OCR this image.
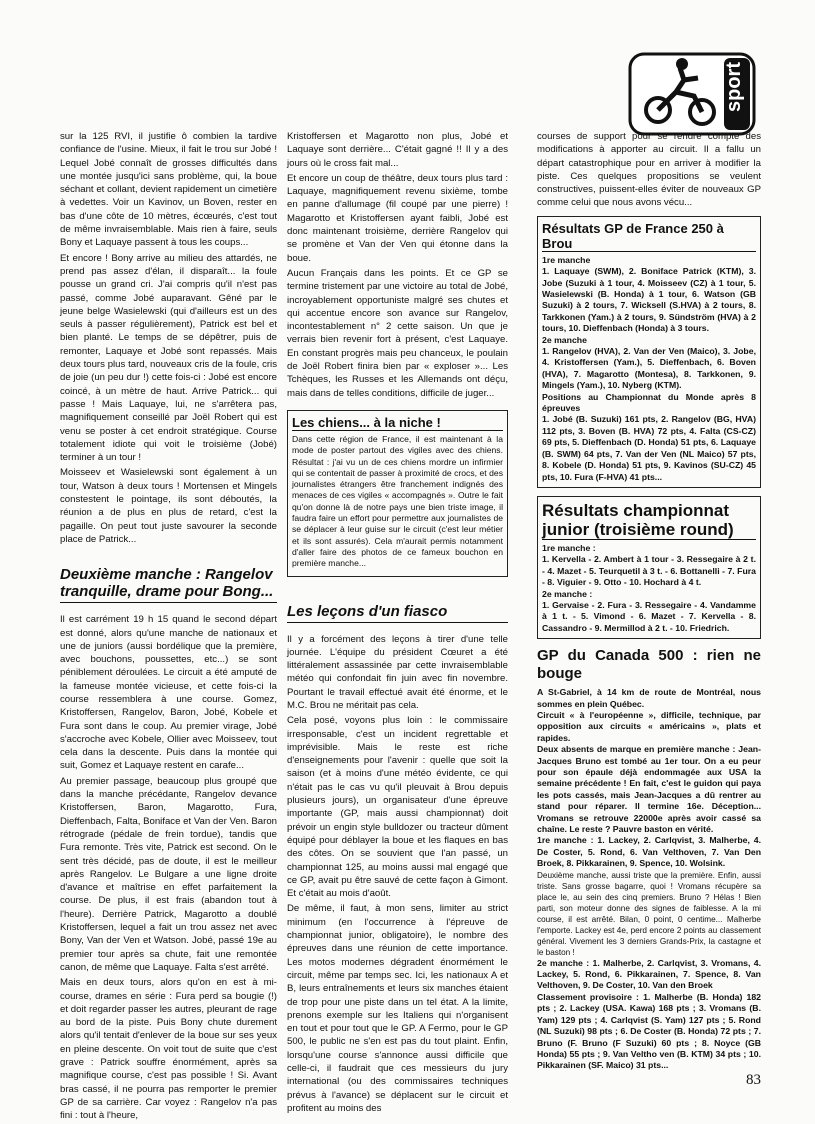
sport

sur la 125 RVI, il justifie ô combien la tardive confiance de l'usine. Mieux, il fait le trou sur Jobé ! Lequel Jobé connaît de grosses difficultés dans une montée jusqu'ici sans problème, qui, la boue séchant et collant, devient rapidement un cimetière à vedettes. Voir un Kavinov, un Boven, rester en bas d'une côte de 10 mètres, écœurés, c'est tout de même invraisemblable. Mais rien à faire, seuls Bony et Laquaye passent à tous les coups...

Et encore ! Bony arrive au milieu des attardés, ne prend pas assez d'élan, il disparaît... la foule pousse un grand cri. J'ai compris qu'il n'est pas passé, comme Jobé auparavant. Gêné par le jeune belge Wasielewski (qui d'ailleurs est un des seuls à passer régulièrement), Patrick est bel et bien planté. Le temps de se dépêtrer, puis de remonter, Laquaye et Jobé sont repassés. Mais deux tours plus tard, nouveaux cris de la foule, cris de joie (un peu dur !) cette fois-ci : Jobé est encore coincé, à un mètre de haut. Arrive Patrick... qui passe ! Mais Laquaye, lui, ne s'arrêtera pas, magnifiquement conseillé par Joël Robert qui est venu se poster à cet endroit stratégique. Course totalement idiote qui voit le troisième (Jobé) terminer à un tour !

Moisseev et Wasielewski sont également à un tour, Watson à deux tours ! Mortensen et Mingels constestent le pointage, ils sont déboutés, la réunion a de plus en plus de retard, c'est la pagaille. On peut tout juste savourer la seconde place de Patrick...

Deuxième manche : Rangelov tranquille, drame pour Bong...

Il est carrément 19 h 15 quand le second départ est donné, alors qu'une manche de nationaux et une de juniors (aussi bordélique que la première, avec bouchons, poussettes, etc...) se sont péniblement déroulées. Le circuit a été amputé de la fameuse montée vicieuse, et cette fois-ci la course ressemblera à une course. Gomez, Kristoffersen, Rangelov, Baron, Jobé, Kobele et Fura sont dans le coup. Au premier virage, Jobé s'accroche avec Kobele, Ollier avec Moisseev, tout cela dans la descente. Puis dans la montée qui suit, Gomez et Laquaye restent en carafe...

Au premier passage, beaucoup plus groupé que dans la manche précédante, Rangelov devance Kristoffersen, Baron, Magarotto, Fura, Dieffenbach, Falta, Boniface et Van der Ven. Baron rétrograde (pédale de frein tordue), tandis que Fura remonte. Très vite, Patrick est second. On le sent très décidé, pas de doute, il est le meilleur après Rangelov. Le Bulgare a une ligne droite d'avance et maîtrise en effet parfaitement la course. De plus, il est frais (abandon tout à l'heure). Derrière Patrick, Magarotto a doublé Kristoffersen, lequel a fait un trou assez net avec Bony, Van der Ven et Watson. Jobé, passé 19e au premier tour après sa chute, fait une remontée canon, de même que Laquaye. Falta s'est arrêté.

Mais en deux tours, alors qu'on en est à mi-course, drames en série : Fura perd sa bougie (!) et doit regarder passer les autres, pleurant de rage au bord de la piste. Puis Bony chute durement alors qu'il tentait d'enlever de la boue sur ses yeux en pleine descente. On voit tout de suite que c'est grave : Patrick souffre énormément, après sa magnifique course, c'est pas possible ! Si. Avant bras cassé, il ne pourra pas remporter le premier GP de sa carrière. Car voyez : Rangelov n'a pas fini : tout à l'heure,

Kristoffersen et Magarotto non plus, Jobé et Laquaye sont derrière... C'était gagné !! Il y a des jours où le cross fait mal...

Et encore un coup de théâtre, deux tours plus tard : Laquaye, magnifiquement revenu sixième, tombe en panne d'allumage (fil coupé par une pierre) ! Magarotto et Kristoffersen ayant faibli, Jobé est donc maintenant troisième, derrière Rangelov qui se promène et Van der Ven qui étonne dans la boue.

Aucun Français dans les points. Et ce GP se termine tristement par une victoire au total de Jobé, incroyablement opportuniste malgré ses chutes et qui accentue encore son avance sur Rangelov, incontestablement n° 2 cette saison. Un que je verrais bien revenir fort à présent, c'est Laquaye. En constant progrès mais peu chanceux, le poulain de Joël Robert finira bien par « exploser »... Les Tchèques, les Russes et les Allemands ont déçu, mais dans de telles conditions, difficile de juger...

Les chiens... à la niche !

Dans cette région de France, il est maintenant à la mode de poster partout des vigiles avec des chiens. Résultat : j'ai vu un de ces chiens mordre un infirmier qui se contentait de passer à proximité de crocs, et des journalistes étrangers être franchement indignés des menaces de ces vigiles « accompagnés ». Outre le fait qu'on donne là de notre pays une bien triste image, il faudra faire un effort pour permettre aux journalistes de se déplacer à leur guise sur le circuit (c'est leur métier et ils sont assurés). Cela m'aurait permis notamment d'aller faire des photos de ce fameux bouchon en première manche...

Les leçons d'un fiasco

Il y a forcément des leçons à tirer d'une telle journée. L'équipe du président Cœuret a été littéralement assassinée par cette invraisemblable météo qui confondait fin juin avec fin novembre. Pourtant le travail effectué avait été énorme, et le M.C. Brou ne méritait pas cela.

Cela posé, voyons plus loin : le commissaire irresponsable, c'est un incident regrettable et imprévisible. Mais le reste est riche d'enseignements pour l'avenir : quelle que soit la saison (et à moins d'une météo évidente, ce qui n'était pas le cas vu qu'il pleuvait à Brou depuis plusieurs jours), un organisateur d'une épreuve importante (GP, mais aussi championnat) doit prévoir un engin style bulldozer ou tracteur dûment équipé pour déblayer la boue et les flaques en bas des côtes. On se souvient que l'an passé, un championnat 125, au moins aussi mal engagé que ce GP, avait pu être sauvé de cette façon à Gimont. Et c'était au mois d'août.

De même, il faut, à mon sens, limiter au strict minimum (en l'occurrence à l'épreuve de championnat junior, obligatoire), le nombre des épreuves dans une réunion de cette importance. Les motos modernes dégradent énormément le circuit, même par temps sec. Ici, les nationaux A et B, leurs entraînements et leurs six manches étaient de trop pour une piste dans un tel état. A la limite, prenons exemple sur les Italiens qui n'organisent en tout et pour tout que le GP. A Fermo, pour le GP 500, le public ne s'en est pas du tout plaint. Enfin, lorsqu'une course s'annonce aussi difficile que celle-ci, il faudrait que ces messieurs du jury international (ou des commissaires techniques prévus à l'avance) se déplacent sur le circuit et profitent au moins des

courses de support pour se rendre compte des modifications à apporter au circuit. Il a fallu un départ catastrophique pour en arriver à modifier la piste. Ces quelques propositions se veulent constructives, puissent-elles éviter de nouveaux GP comme celui que nous avons vécu...

Résultats GP de France 250 à Brou
1re manche
1. Laquaye (SWM), 2. Boniface Patrick (KTM), 3. Jobe (Suzuki à 1 tour, 4. Moisseev (CZ) à 1 tour, 5. Wasielewski (B. Honda) à 1 tour, 6. Watson (GB Suzuki) à 2 tours, 7. Wicksell (S.HVA) à 2 tours, 8. Tarkkonen (Yam.) à 2 tours, 9. Sündström (HVA) à 2 tours, 10. Dieffenbach (Honda) à 3 tours.
2e manche
1. Rangelov (HVA), 2. Van der Ven (Maico), 3. Jobe, 4. Kristoffersen (Yam.), 5. Dieffenbach, 6. Boven (HVA), 7. Magarotto (Montesa), 8. Tarkkonen, 9. Mingels (Yam.), 10. Nyberg (KTM).
Positions au Championnat du Monde après 8 épreuves
1. Jobé (B. Suzuki) 161 pts, 2. Rangelov (BG, HVA) 112 pts, 3. Boven (B. HVA) 72 pts, 4. Falta (CS-CZ) 69 pts, 5. Dieffenbach (D. Honda) 51 pts, 6. Laquaye (B. SWM) 64 pts, 7. Van der Ven (NL Maico) 57 pts, 8. Kobele (D. Honda) 51 pts, 9. Kavinos (SU-CZ) 45 pts, 10. Fura (F-HVA) 41 pts...
Résultats championnat junior (troisième round)
1re manche :
1. Kervella - 2. Ambert à 1 tour - 3. Ressegaire à 2 t. - 4. Mazet - 5. Teurquetil à 3 t. - 6. Bottanelli - 7. Fura - 8. Viguier - 9. Otto - 10. Hochard à 4 t.
2e manche :
1. Gervaise - 2. Fura - 3. Ressegaire - 4. Vandamme à 1 t. - 5. Vimond - 6. Mazet - 7. Kervella - 8. Cassandro - 9. Mermillod à 2 t. - 10. Friedrich.
GP du Canada 500 : rien ne bouge
A St-Gabriel, à 14 km de route de Montréal, nous sommes en plein Québec.
Circuit « à l'européenne », difficile, technique, par opposition aux circuits « américains », plats et rapides.
Deux absents de marque en première manche : Jean-Jacques Bruno est tombé au 1er tour. On a eu peur pour son épaule déjà endommagée aux USA la semaine précédente ! En fait, c'est le guidon qui paya les pots cassés, mais Jean-Jacques a dû rentrer au stand pour réparer. Il termine 16e. Déception... Vromans se retrouve 22000e après avoir cassé sa chaîne. Le reste ? Pauvre baston en vérité.
1re manche : 1. Lackey, 2. Carlqvist, 3. Malherbe, 4. De Coster, 5. Rond, 6. Van Velthoven, 7. Van Den Broek, 8. Pikkarainen, 9. Spence, 10. Wolsink.
Deuxième manche, aussi triste que la première. Enfin, aussi triste. Sans grosse bagarre, quoi ! Vromans récupère sa place le, au sein des cinq premiers. Bruno ? Hélas ! Bien parti, son moteur donne des signes de faiblesse. A la mi course, il est arrêté. Bilan, 0 point, 0 centime... Malherbe l'emporte. Lackey est 4e, perd encore 2 points au classement général. Vivement les 3 derniers Grands-Prix, la castagne et le baston !
2e manche : 1. Malherbe, 2. Carlqvist, 3. Vromans, 4. Lackey, 5. Rond, 6. Pikkarainen, 7. Spence, 8. Van Velthoven, 9. De Coster, 10. Van den Broek
Classement provisoire : 1. Malherbe (B. Honda) 182 pts ; 2. Lackey (USA. Kawa) 168 pts ; 3. Vromans (B. Yam) 129 pts ; 4. Carlqvist (S. Yam) 127 pts ; 5. Rond (NL Suzuki) 98 pts ; 6. De Coster (B. Honda) 72 pts ; 7. Bruno (F. Bruno (F Suzuki) 60 pts ; 8. Noyce (GB Honda) 55 pts ; 9. Van Veltho ven (B. KTM) 34 pts ; 10. Pikkarainen (SF. Maico) 31 pts...
83
